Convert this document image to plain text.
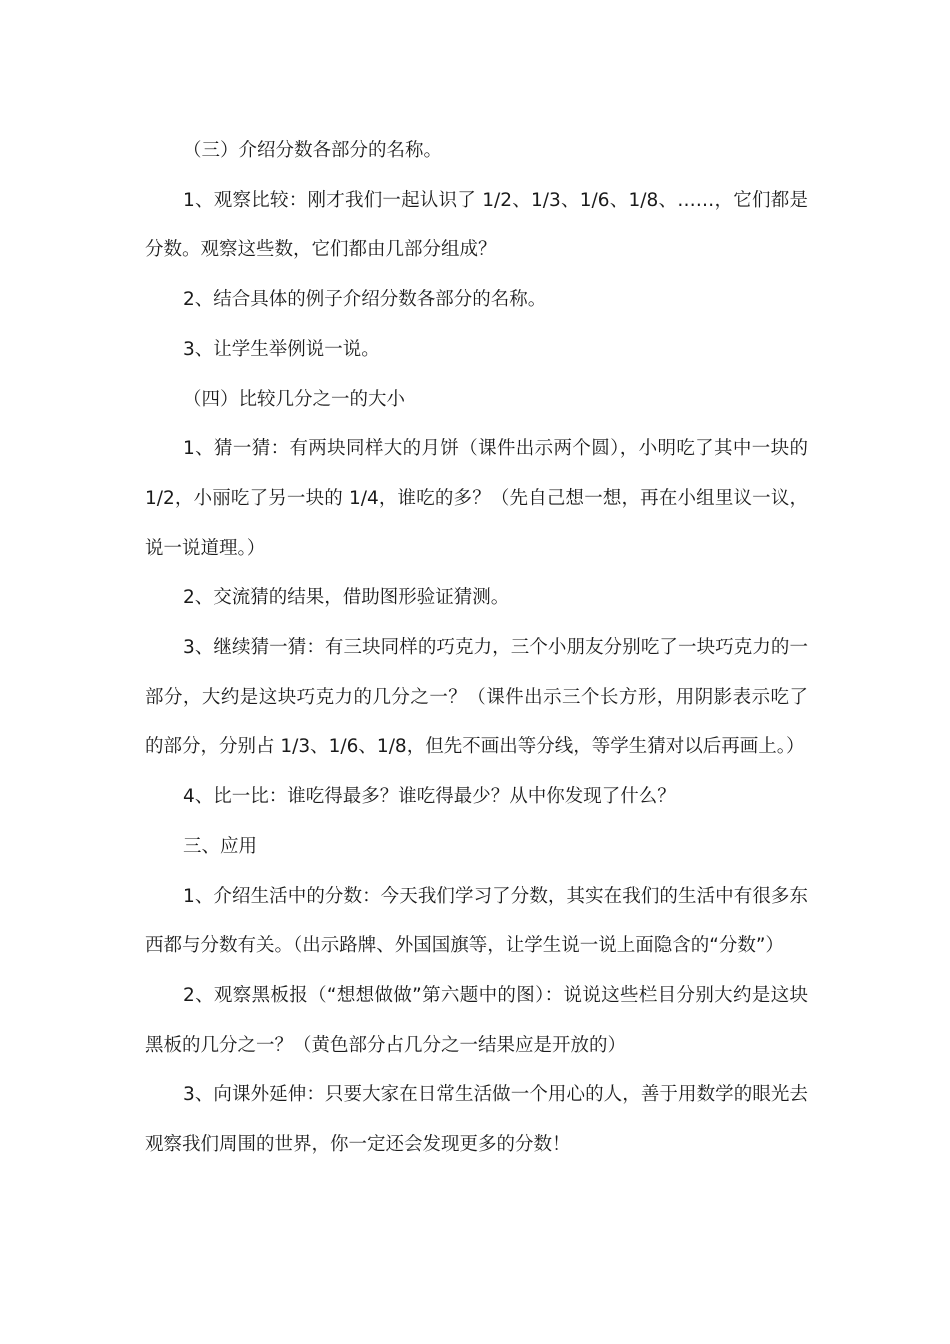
（三）介绍分数各部分的名称。

1、观察比较：刚才我们一起认识了 1/2、1/3、1/6、1/8、……，它们都是分数。观察这些数，它们都由几部分组成？

2、结合具体的例子介绍分数各部分的名称。

3、让学生举例说一说。

（四）比较几分之一的大小

1、猜一猜：有两块同样大的月饼（课件出示两个圆），小明吃了其中一块的 1/2，小丽吃了另一块的 1/4，谁吃的多？（先自己想一想，再在小组里议一议，说一说道理。）

2、交流猜的结果，借助图形验证猜测。

3、继续猜一猜：有三块同样的巧克力，三个小朋友分别吃了一块巧克力的一部分，大约是这块巧克力的几分之一？（课件出示三个长方形，用阴影表示吃了的部分，分别占 1/3、1/6、1/8，但先不画出等分线，等学生猜对以后再画上。）

4、比一比：谁吃得最多？谁吃得最少？从中你发现了什么？

三、应用

1、介绍生活中的分数：今天我们学习了分数，其实在我们的生活中有很多东西都与分数有关。（出示路牌、外国国旗等，让学生说一说上面隐含的“分数”）

2、观察黑板报（“想想做做”第六题中的图）：说说这些栏目分别大约是这块黑板的几分之一？（黄色部分占几分之一结果应是开放的）

3、向课外延伸：只要大家在日常生活做一个用心的人，善于用数学的眼光去观察我们周围的世界，你一定还会发现更多的分数！
